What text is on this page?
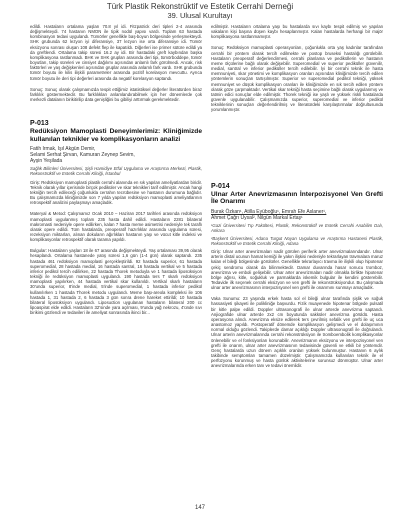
Türk Plastik Rekonstrüktif ve Estetik Cerrahi Derneği
39. Ulusal Kurultayı

edildi. Hastaların ortalama yaşları 70.8 yıl idi. Fitzpatrick deri tipleri 2-4 arasında değişmekteydi. 74 hastanın NMON ile tipik nodül yapısı vardı. Toplam 63 hastada kombinasyon tedavi uygulandı. Tümörler genellikle baş-boyun bölgesinde yerleşmekteydi. SHK grubunda 62 lezyon iyi diferansiye, 37 lezyon ise orta diferansiye idi. Tümör eksizyonu sonrası oluşan 108 defekt flep ile kapatıldı. Diğerleri ise primer sütüre edildi ya da greftlendi. Ortalama takip süresi 16.2 ay idi. Bir hastadaki greft kaybından başka komplikasyona rastlanmadı. BHK ve SHK grupları arasında deri tipi, tümörboddepe, tümör boyutları, takip süreleri ve cinsiyet dağılımı açısından anlamlı fark görülmedi. Ancak, risk faktörleri ve yaş değişkenleri açısından gruplar arasında anlamlı fark vardı. SHK grubunda tümör boyutu ile kilis ilişkili parametreler arasında pozitif korelasyon mevcuttu. Ayrıca tümör boyutu ile deri tipi değerleri arasında da negatif korelasyon saptandı.

Sonuç: Sonuç olarak çalışmamızda tespit ettiğimiz istatistiksel değerler literatürden biraz farklılık göstermektedir. Bu farklılıkları anlamlandırabilmek için her dönemlerde çok merkezli datalanın birikitirilip data genişliğini bu gibiliyi arttırmak gerekmektedir.

P-013
Redüksiyon Mamoplasti Deneyimlerimiz: Kliniğimizde kullanılan teknikler ve komplikasyonların analizi
Fatih Irmak, Işıl Akgün Demir,
Selami Serhat Şirvan, Kamuran Zeynep Sevim,
Ayşin Yeşilada
Sağlık Bilimleri Üniversitesi, Şişli Hamidiye Etfal Uygulama ve Araştırma Merkezi, Plastik, Rekonstrüktif ve Estetik Cerrahi Kliniği, İstanbul

Giriş: Redüksiyon mamoplasti plastik cerrahi alanında en sık yapılan ameliyatlardan biridir. Teknik olarak yıllar içerisinde birçok pediküler ve skar teknikleri tarif edilmiştir. Ancak hangi tekniğin tercih edileceği çoğunlukla cerrahın tecrübesine ve hastanın durumuna bağlıdır. Bu çalışmamızda kliniğimizde son 7 yılda yapılan redüksiyon mamoplasti ameliyatlarının retrospektif analizini paylaşmayı amaçladık.

Materyal & Metod: Çalışmamız Ocak 2010 – Haziran 2017 tarihleri arasında redüksiyon mamoplasti uygulanmış toplam 235 hasta dahil edildi. Hastaların 2281 bilateral makromasti nedeniyle opere edilirken, kalan 7 hasta meme asimetrisi nedeniyle tek taraflı olarak opere edildi. Tüm hastalarda, preoperatif hazırlıklar arasında uygulama süresi, rezeksiyon miktarları, alınan dokuların ağırlıkları hastanın yaşı ve vücut kitle indeksi ve komplikasyonlar retrospektif olarak tarama yapıldı.

Bulgular: Hastaların yaşları 18 ile 67 arasında değişmekteydi. Yaş ortalaması 39,95 olarak hesaplandı. Ortalama hastanede yatış süresi 1,6 gün (1-4 gün) olarak saptandı. 235 hastada 461 redüksiyon mamoplasti gerçekleştirildi. 92 hastada superior, 61 hastada superomedial, 28 hastada medial, 16 hastada santral, 16 hastada vertikal ve 5 hastada inferior pedikül tercih edilirken, 22 hastada Thorek metoduyla ve 1 hastada liposüksiyon tekniği ile redüksiyon mamoplasti uygulandı. 190 hastada ters T skarlı redüksiyon mamoplasti yapılırken, 44 hastada vertikal skar kullanıldı. Vertikal skarlı hastaların 30'unda superior, 8'inde medial, 5'inde superomedial, 1 hastada inferior pedikül kullanılırken 1 hastada Thorek metodu uygulandı. Meme başı-areola kompleksi ile 106 hastada 1, 31 hastada 2, 6 hastada 3 gün sonra drene hareket ettirildi; 10 hastada bilateral liposüksiyon uygulandı. Liposuction uygulanan hastaların bilateral 200 cc lipoaspirat elde edildi. Hastaların 32'sinde yara açılması, 9'unda yağ nekrozu, 4'ünde sıvı birikimi gözlendi ve tedavileri ile ameliyat sonrasında ikinci bir...

edilmiştir. Hastaların ortalama yaşı bu hastalarda sıvı kaybı tespit edilmiş ve yapılan vakaların kişi başına düşen kaybı hesaplanmıştır. Kalan hastalarda herhangi bir majör komplikasyona rastlanmamıştır.

Sonuç: Redüksiyon mamoplasti operasyonları, çoğunlukla orta yaş kadınlar tarafından cerrahi bir yöntem olarak tercih edilmekte ve postop bruseksi hastalığı görülebilir. Hastaların preoperatif değerlendirmesi, cerrahi planlama ve pediküllerin ve hastanın meme ölçülerine bağlı olarak değişebilir. Superomedial ve superior pediküller güvenilir, medial, santral ve inferior pediküller tercih edilebilir. İyi bir cerrahi teknik ile hasta memnuniyeti, skar yönetimi ve komplikasyon oranları açısından kliniğimizde tercih edilen yöntemlerin sonuçları tartışılmıştır. Superior ve superomedial pedikül tekniği, yüksek memnuniyet ve düşük komplikasyon oranları ile kliniğimizde en sık tercih edilen yöntem olarak göze çarpmaktadır. Vertikal skar tekniği hasta seçimine bağlı olarak uygulanmış ve tatmin edici sonuçlar elde edilmiştir. Thorek tekniği ise yaşlı ve yüksek riskli hastalarda güvenle uygulanabilir. Çalışmamızda superior, superomedial ve inferior pedikül tekniklerinin sonuçları değerlendirilmiş ve literatürdeki karşılaştırmalar doğrultusunda yorumlanmıştır.

P-014
Ulnar Arter Anevrizmasının İnterpozisyonel Ven Grefti İle Onarımı
Burak Özkan¹, Atilla Eyüboğlu¹, Emrah Efe Aslaner¹,
Ahmet Çağrı Uysal², Nilgün Markal Ertaş¹
¹Gazi Üniversitesi Tıp Fakültesi, Plastik, Rekonstrüktif ve Estetik Cerrahi Anabilim Dalı, Ankara
²Başkent Üniversitesi, Adana Turgut Noyan Uygulama ve Araştırma Hastanesi Plastik, Rekonstrüktif ve Estetik Cerrahi Kliniği, Adana

Giriş: Ulnar arter anevrizmaları nadir görülen periferik arter anevrizmalarındandır. Ulnar arterin distal ucunun hamat kemiği ile yakın ilişkisi nedeniyle tekrarlayan travmalara maruz kalan el bileği bölgesinde görülürler. Genellikle tekrarlayıcı travma ile ilişkili olup hipotenar çekiç sendromu olarak da bilinmektedir. Damar duvarında hasar sonucu tromboz, anevrizma ve emboli gelişebilir. Ulnar arter anevrizmaları nadir olmakla birlikte hipotenar bölge ağrısı, kitle, soğukluk ve parmaklarda iskemik bulgular ile kendini gösterebilir. Tedavide ilk seçenek cerrahi eksizyon ve ven grefti ile rekonstrüksiyondur. Bu çalışmada ulnar arter anevrizmasının interpozisyonel ven grefti ile onarımını sunmayı amaçladık.

Vaka Sunumu: 23 yaşında erkek hasta sol el bileği ulnar tarafında şişlik ve soğuk hassasiyeti şikayeti ile polikliniğe başvurdu. Fizik muayenede hipotenar bölgede pulsatil bir kitle palpe edildi. Doppler ultrasonografi ile ulnar arterde anevrizma saptandı. Anjiografide ulnar arterde 2x2 cm boyutunda sakküler anevrizma görüldü. Hasta operasyona alındı. Anevrizma eksize edilerek ters çevrilmiş sefalik ven grefti ile uç uca anastomoz yapıldı. Postoperatif dönemde komplikasyon gelişmedi ve el dolaşımının normal olduğu gözlendi. Takiplerde damar açıklığı Doppler ultrasonografi ile doğrulandı. Ulnar arterin anevrizmalarında cerrahi rekonstrüksiyon ile tromboembolik komplikasyonlar önlenebilir ve el fonksiyonları korunabilir. Anevrizmanın eksizyonu ve interpozisyonel ven grefti ile onarım, ulnar arter anevrizmasının tedavisinde güvenli ve etkili bir yöntemdir. Genç hastalarda uzun dönem açıklık oranları yüksek bulunmuştur. Hastanın 6 aylık takibinde semptomları tamamen düzelmiştir. Çalışmamızda kullanılan teknik ile el perfüzyonu korunmuş ve hasta günlük aktivitelerine sorunsuz dönmüştür. Ulnar arter anevrizmalarında erken tanı ve tedavi önemlidir.

147
